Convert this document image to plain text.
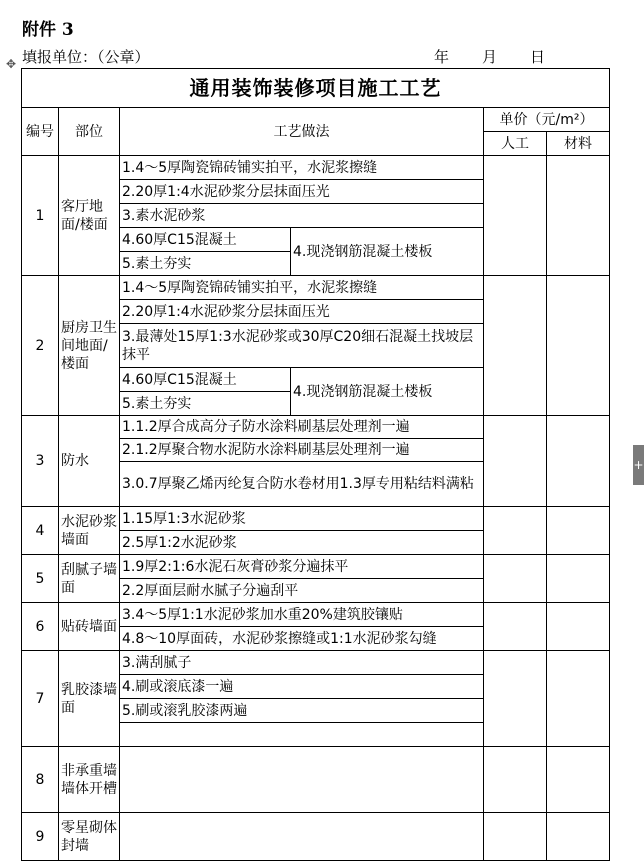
附件 3
填报单位：（公章）	年 月 日
✥
+
通用装饰装修项目施工工艺					
编号	部位	工艺做法		单价（元/m²）	
				人工	材料
1	客厅地面/楼面	1.4～5厚陶瓷锦砖铺实拍平，水泥浆擦缝			
		2.20厚1:4水泥砂浆分层抹面压光			
		3.素水泥砂浆			
		4.60厚C15混凝土	4.现浇钢筋混凝土楼板		
		5.素土夯实			
2	厨房卫生间地面/楼面	1.4～5厚陶瓷锦砖铺实拍平，水泥浆擦缝			
		2.20厚1:4水泥砂浆分层抹面压光			
		3.最薄处15厚1:3水泥砂浆或30厚C20细石混凝土找坡层抹平			
		4.60厚C15混凝土	4.现浇钢筋混凝土楼板		
		5.素土夯实			
3	防水	1.1.2厚合成高分子防水涂料刷基层处理剂一遍			
		2.1.2厚聚合物水泥防水涂料刷基层处理剂一遍			
		3.0.7厚聚乙烯丙纶复合防水卷材用1.3厚专用粘结料满粘			
4	水泥砂浆墙面	1.15厚1:3水泥砂浆			
		2.5厚1:2水泥砂浆			
5	刮腻子墙面	1.9厚2:1:6水泥石灰膏砂浆分遍抹平			
		2.2厚面层耐水腻子分遍刮平			
6	贴砖墙面	3.4～5厚1:1水泥砂浆加水重20%建筑胶镶贴			
		4.8～10厚面砖，水泥砂浆擦缝或1:1水泥砂浆勾缝			
7	乳胶漆墙面	3.满刮腻子			
		4.刷或滚底漆一遍			
		5.刷或滚乳胶漆两遍			

8	非承重墙墙体开槽				
9	零星砌体封墙				
